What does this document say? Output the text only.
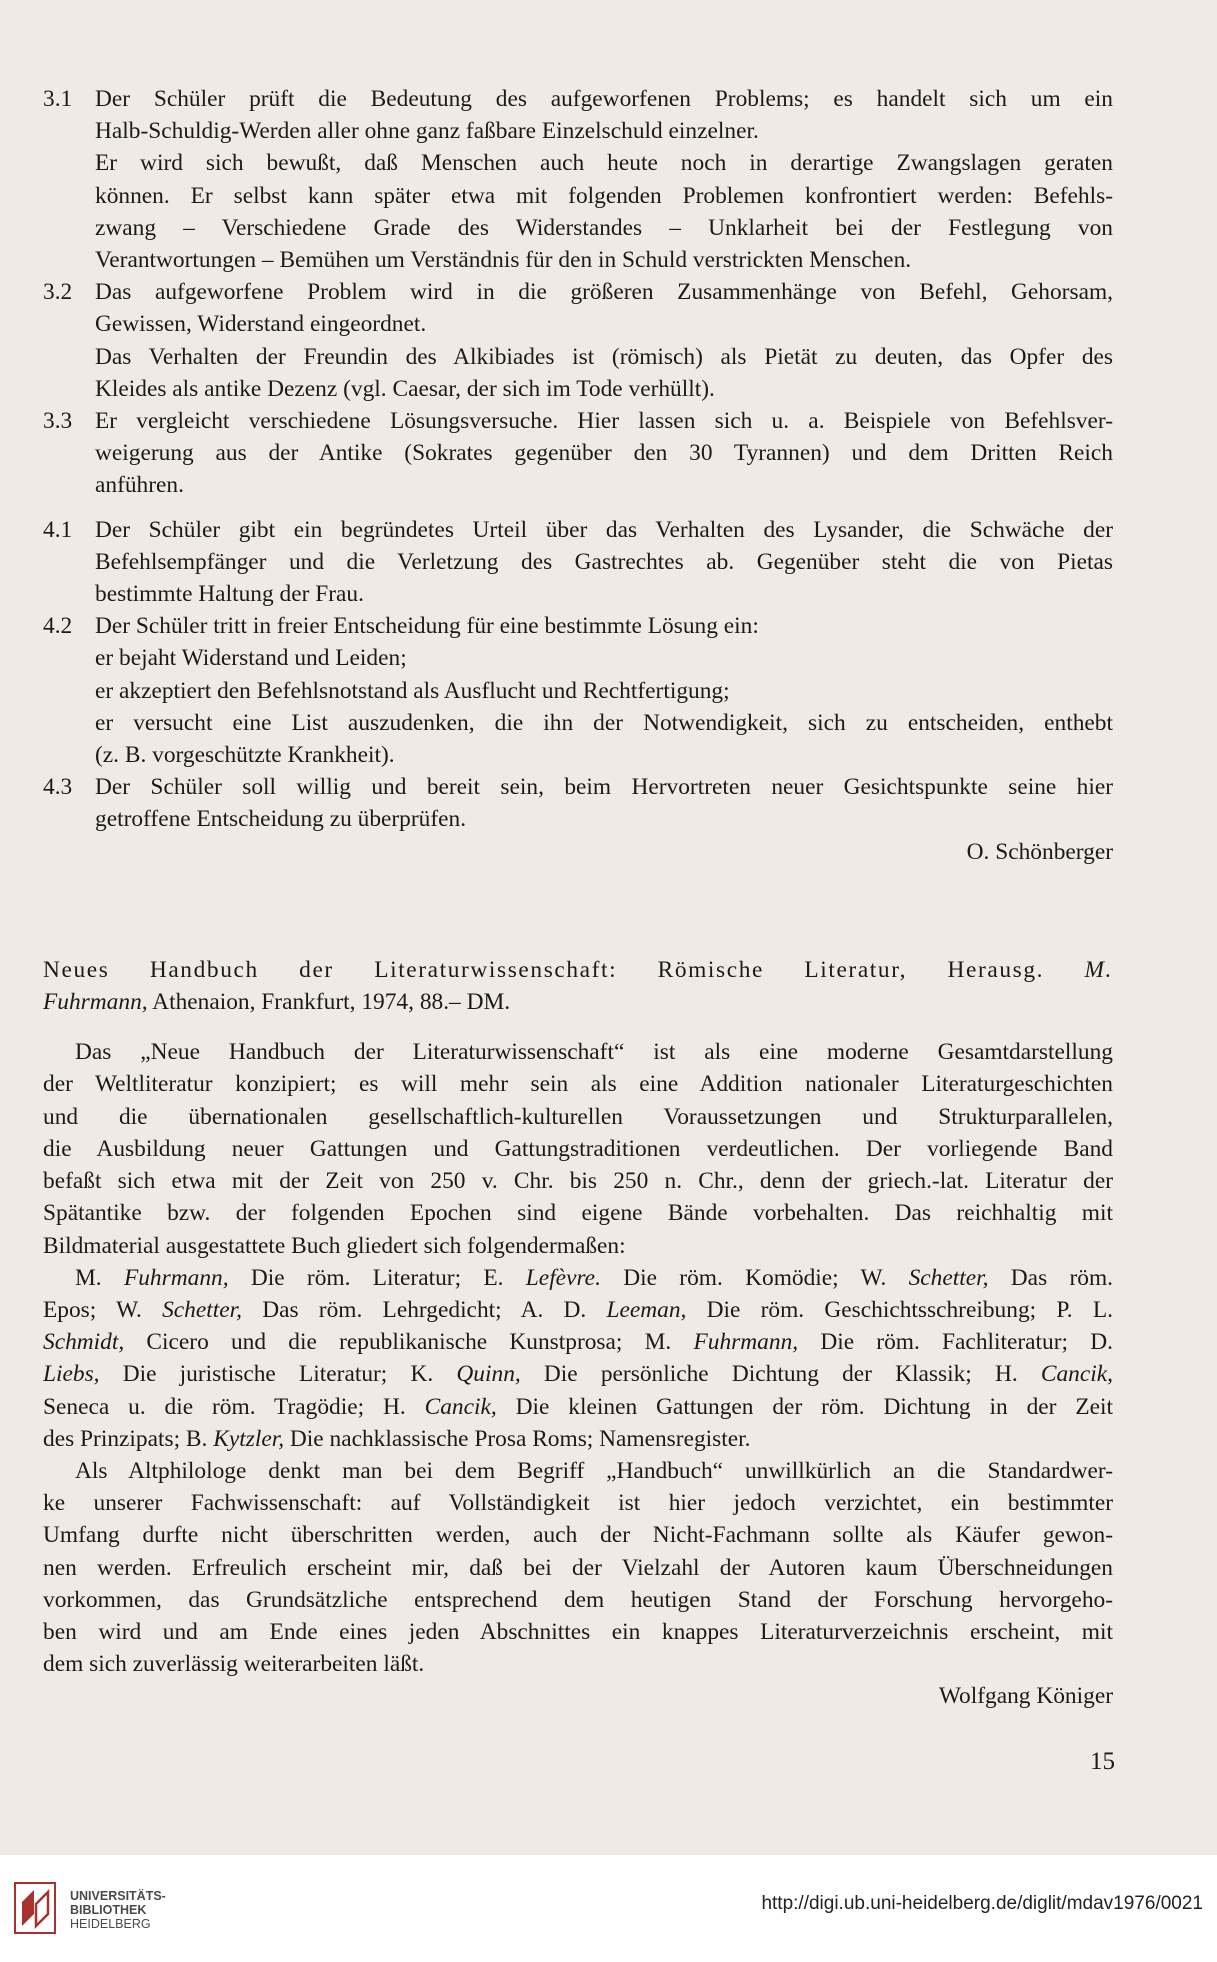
3.1 Der Schüler prüft die Bedeutung des aufgeworfenen Problems; es handelt sich um ein
Halb-Schuldig-Werden aller ohne ganz faßbare Einzelschuld einzelner.
Er wird sich bewußt, daß Menschen auch heute noch in derartige Zwangslagen geraten
können. Er selbst kann später etwa mit folgenden Problemen konfrontiert werden: Befehls-
zwang – Verschiedene Grade des Widerstandes – Unklarheit bei der Festlegung von
Verantwortungen – Bemühen um Verständnis für den in Schuld verstrickten Menschen.
3.2 Das aufgeworfene Problem wird in die größeren Zusammenhänge von Befehl, Gehorsam,
Gewissen, Widerstand eingeordnet.
Das Verhalten der Freundin des Alkibiades ist (römisch) als Pietät zu deuten, das Opfer des
Kleides als antike Dezenz (vgl. Caesar, der sich im Tode verhüllt).
3.3 Er vergleicht verschiedene Lösungsversuche. Hier lassen sich u. a. Beispiele von Befehlsver-
weigerung aus der Antike (Sokrates gegenüber den 30 Tyrannen) und dem Dritten Reich
anführen.
4.1 Der Schüler gibt ein begründetes Urteil über das Verhalten des Lysander, die Schwäche der
Befehlsempfänger und die Verletzung des Gastrechtes ab. Gegenüber steht die von Pietas
bestimmte Haltung der Frau.
4.2 Der Schüler tritt in freier Entscheidung für eine bestimmte Lösung ein:
er bejaht Widerstand und Leiden;
er akzeptiert den Befehlsnotstand als Ausflucht und Rechtfertigung;
er versucht eine List auszudenken, die ihn der Notwendigkeit, sich zu entscheiden, enthebt
(z. B. vorgeschützte Krankheit).
4.3 Der Schüler soll willig und bereit sein, beim Hervortreten neuer Gesichtspunkte seine hier
getroffene Entscheidung zu überprüfen.
O. Schönberger
Neues Handbuch der Literaturwissenschaft: Römische Literatur, Herausg. M.
Fuhrmann, Athenaion, Frankfurt, 1974, 88.– DM.
Das „Neue Handbuch der Literaturwissenschaft“ ist als eine moderne Gesamtdarstellung
der Weltliteratur konzipiert; es will mehr sein als eine Addition nationaler Literaturgeschichten
und die übernationalen gesellschaftlich-kulturellen Voraussetzungen und Strukturparallelen,
die Ausbildung neuer Gattungen und Gattungstraditionen verdeutlichen. Der vorliegende Band
befaßt sich etwa mit der Zeit von 250 v. Chr. bis 250 n. Chr., denn der griech.-lat. Literatur der
Spätantike bzw. der folgenden Epochen sind eigene Bände vorbehalten. Das reichhaltig mit
Bildmaterial ausgestattete Buch gliedert sich folgendermaßen:
M. Fuhrmann, Die röm. Literatur; E. Lefèvre. Die röm. Komödie; W. Schetter, Das röm.
Epos; W. Schetter, Das röm. Lehrgedicht; A. D. Leeman, Die röm. Geschichtsschreibung; P. L.
Schmidt, Cicero und die republikanische Kunstprosa; M. Fuhrmann, Die röm. Fachliteratur; D.
Liebs, Die juristische Literatur; K. Quinn, Die persönliche Dichtung der Klassik; H. Cancik,
Seneca u. die röm. Tragödie; H. Cancik, Die kleinen Gattungen der röm. Dichtung in der Zeit
des Prinzipats; B. Kytzler, Die nachklassische Prosa Roms; Namensregister.
Als Altphilologe denkt man bei dem Begriff „Handbuch“ unwillkürlich an die Standardwer-
ke unserer Fachwissenschaft: auf Vollständigkeit ist hier jedoch verzichtet, ein bestimmter
Umfang durfte nicht überschritten werden, auch der Nicht-Fachmann sollte als Käufer gewon-
nen werden. Erfreulich erscheint mir, daß bei der Vielzahl der Autoren kaum Überschneidungen
vorkommen, das Grundsätzliche entsprechend dem heutigen Stand der Forschung hervorgeho-
ben wird und am Ende eines jeden Abschnittes ein knappes Literaturverzeichnis erscheint, mit
dem sich zuverlässig weiterarbeiten läßt.
Wolfgang Königer
15
UNIVERSITÄTS-
BIBLIOTHEK
HEIDELBERG
http://digi.ub.uni-heidelberg.de/diglit/mdav1976/0021
